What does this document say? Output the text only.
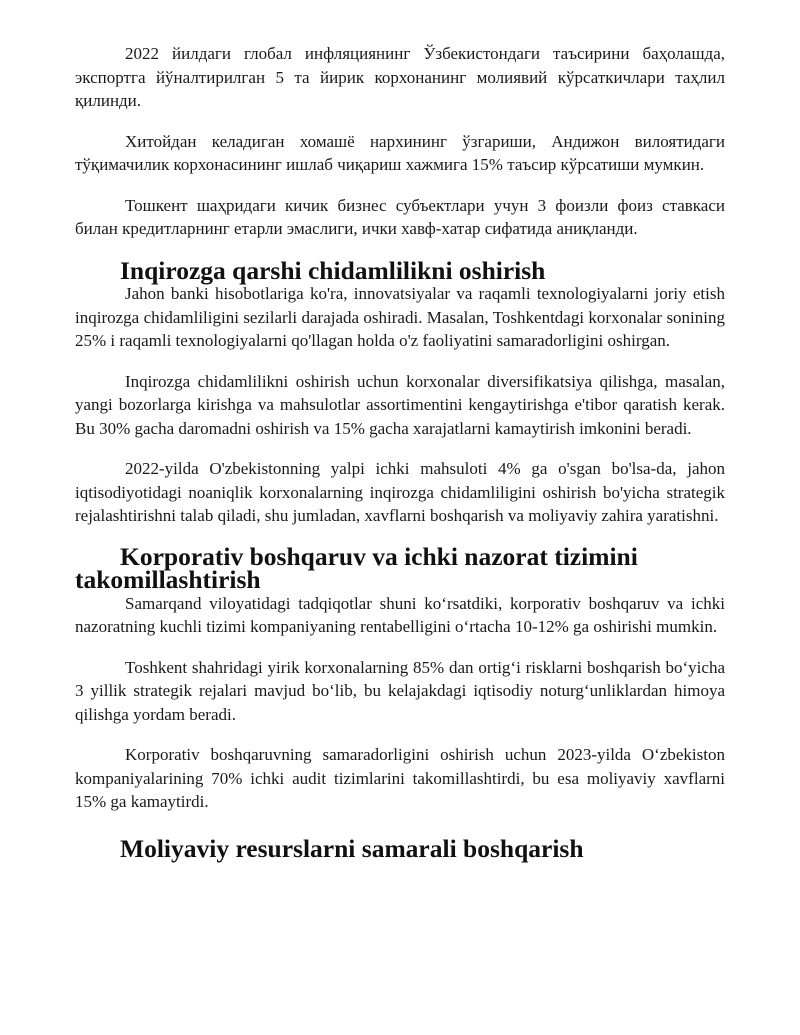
2022 йилдаги глобал инфляциянинг Ўзбекистондаги таъсирини баҳолашда, экспортга йўналтирилган 5 та йирик корхонанинг молиявий кўрсаткичлари таҳлил қилинди.

Хитойдан келадиган хомашё нархининг ўзгариши, Андижон вилоятидаги тўқимачилик корхонасининг ишлаб чиқариш хажмига 15% таъсир кўрсатиши мумкин.

Тошкент шаҳридаги кичик бизнес субъектлари учун 3 фоизли фоиз ставкаси билан кредитларнинг етарли эмаслиги, ички хавф-хатар сифатида аниқланди.

Inqirozga qarshi chidamlilikni oshirish

Jahon banki hisobotlariga ko'ra, innovatsiyalar va raqamli texnologiyalarni joriy etish inqirozga chidamliligini sezilarli darajada oshiradi. Masalan, Toshkentdagi korxonalar sonining 25% i raqamli texnologiyalarni qo'llagan holda o'z faoliyatini samaradorligini oshirgan.

Inqirozga chidamlilikni oshirish uchun korxonalar diversifikatsiya qilishga, masalan, yangi bozorlarga kirishga va mahsulotlar assortimentini kengaytirishga e'tibor qaratish kerak. Bu 30% gacha daromadni oshirish va 15% gacha xarajatlarni kamaytirish imkonini beradi.

2022-yilda O'zbekistonning yalpi ichki mahsuloti 4% ga o'sgan bo'lsa-da, jahon iqtisodiyotidagi noaniqlik korxonalarning inqirozga chidamliligini oshirish bo'yicha strategik rejalashtirishni talab qiladi, shu jumladan, xavflarni boshqarish va moliyaviy zahira yaratishni.

Korporativ boshqaruv va ichki nazorat tizimini takomillashtirish

Samarqand viloyatidagi tadqiqotlar shuni ko‘rsatdiki, korporativ boshqaruv va ichki nazoratning kuchli tizimi kompaniyaning rentabelligini o‘rtacha 10-12% ga oshirishi mumkin.

Toshkent shahridagi yirik korxonalarning 85% dan ortig‘i risklarni boshqarish bo‘yicha 3 yillik strategik rejalari mavjud bo‘lib, bu kelajakdagi iqtisodiy noturg‘unliklardan himoya qilishga yordam beradi.

Korporativ boshqaruvning samaradorligini oshirish uchun 2023-yilda O‘zbekiston kompaniyalarining 70% ichki audit tizimlarini takomillashtirdi, bu esa moliyaviy xavflarni 15% ga kamaytirdi.

Moliyaviy resurslarni samarali boshqarish
